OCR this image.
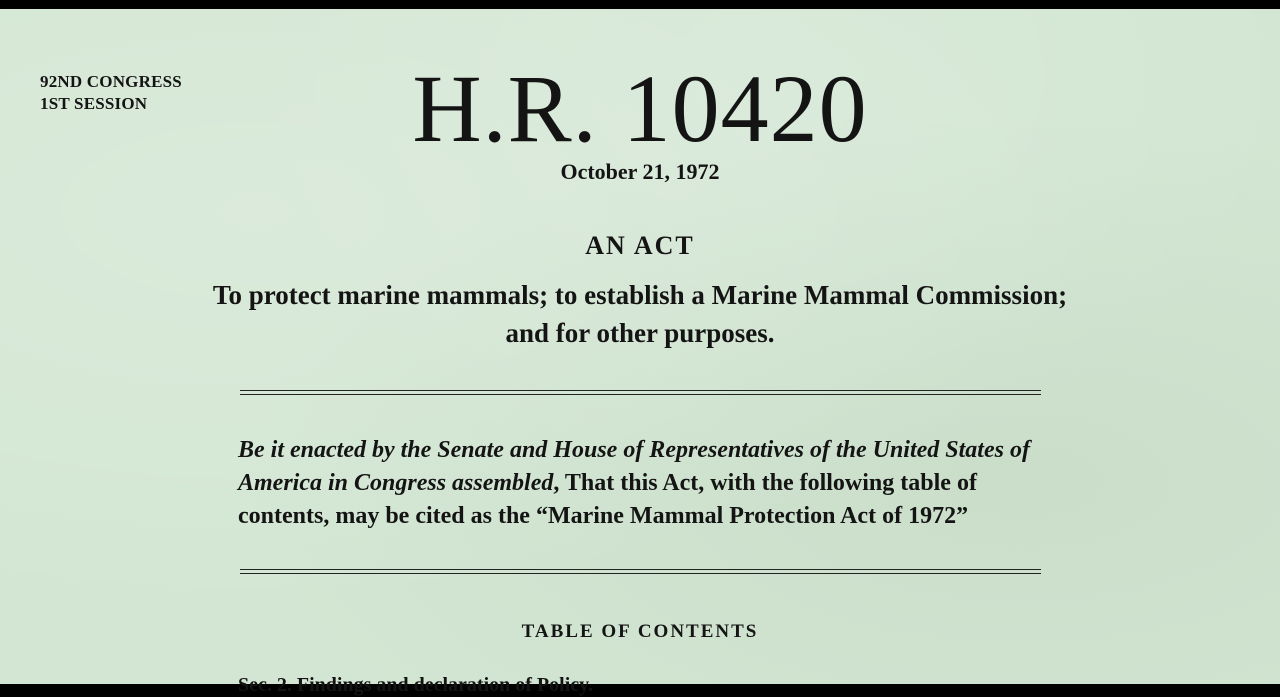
92ND CONGRESS
1ST SESSION	H.R. 10420
October 21, 1972
AN ACT
To protect marine mammals; to establish a Marine Mammal Commission;
and for other purposes.
Be it enacted by the Senate and House of Representatives of the United States of America in Congress assembled, That this Act, with the following table of contents, may be cited as the “Marine Mammal Protection Act of 1972”
TABLE OF CONTENTS
Sec. 2. Findings and declaration of Policy.
